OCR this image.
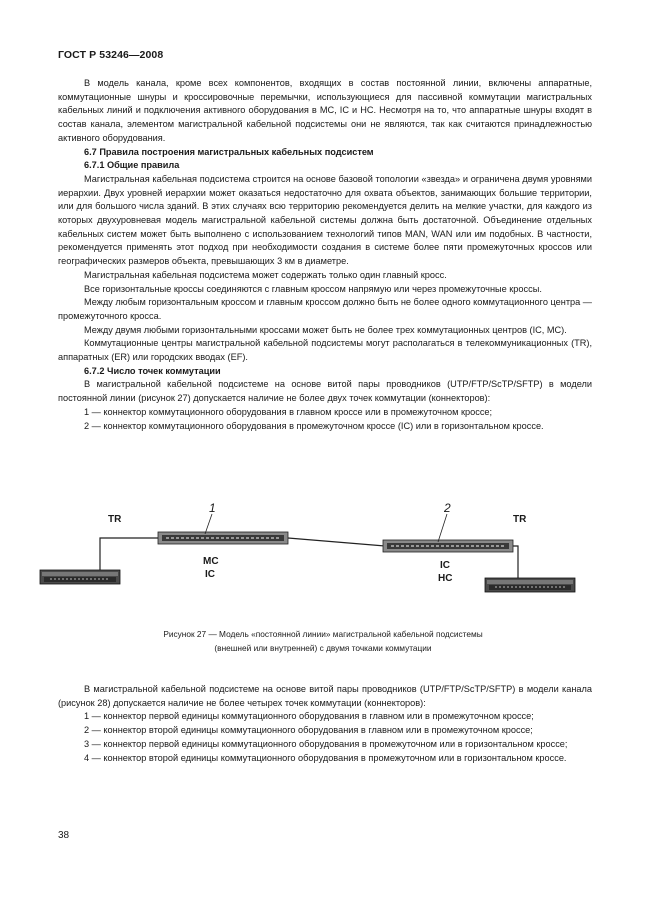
ГОСТ Р 53246—2008

В модель канала, кроме всех компонентов, входящих в состав постоянной линии, включены аппаратные, коммутационные шнуры и кроссировочные перемычки, использующиеся для пассивной коммутации магистральных кабельных линий и подключения активного оборудования в МС, IC и НС. Несмотря на то, что аппаратные шнуры входят в состав канала, элементом магистральной кабельной подсистемы они не являются, так как считаются принадлежностью активного оборудования.

6.7 Правила построения магистральных кабельных подсистем

6.7.1 Общие правила

Магистральная кабельная подсистема строится на основе базовой топологии «звезда» и ограничена двумя уровнями иерархии. Двух уровней иерархии может оказаться недостаточно для охвата объектов, занимающих большие территории, или для большого числа зданий. В этих случаях всю территорию рекомендуется делить на мелкие участки, для каждого из которых двухуровневая модель магистральной кабельной системы должна быть достаточной. Объединение отдельных кабельных систем может быть выполнено с использованием технологий типов MAN, WAN или им подобных. В частности, рекомендуется применять этот подход при необходимости создания в системе более пяти промежуточных кроссов или географических размеров объекта, превышающих 3 км в диаметре.

Магистральная кабельная подсистема может содержать только один главный кросс.

Все горизонтальные кроссы соединяются с главным кроссом напрямую или через промежуточные кроссы.

Между любым горизонтальным кроссом и главным кроссом должно быть не более одного коммутационного центра — промежуточного кросса.

Между двумя любыми горизонтальными кроссами может быть не более трех коммутационных центров (IC, МС).

Коммутационные центры магистральной кабельной подсистемы могут располагаться в телекоммуникационных (TR), аппаратных (ER) или городских вводах (EF).

6.7.2 Число точек коммутации

В магистральной кабельной подсистеме на основе витой пары проводников (UTP/FTP/ScTP/SFTP) в модели постоянной линии (рисунок 27) допускается наличие не более двух точек коммутации (коннекторов):

1 — коннектор коммутационного оборудования в главном кроссе или в промежуточном кроссе;

2 — коннектор коммутационного оборудования в промежуточном кроссе (IC) или в горизонтальном кроссе.

TR	TR
1	2
МС
IC
IC
НС
Рисунок 27 — Модель «постоянной линии» магистральной кабельной подсистемы
(внешней или внутренней) с двумя точками коммутации

В магистральной кабельной подсистеме на основе витой пары проводников (UTP/FTP/ScTP/SFTP) в модели канала (рисунок 28) допускается наличие не более четырех точек коммутации (коннекторов):

1 — коннектор первой единицы коммутационного оборудования в главном или в промежуточном кроссе;

2 — коннектор второй единицы коммутационного оборудования в главном или в промежуточном кроссе;

3 — коннектор первой единицы коммутационного оборудования в промежуточном или в горизонтальном кроссе;

4 — коннектор второй единицы коммутационного оборудования в промежуточном или в горизонтальном кроссе.

38
